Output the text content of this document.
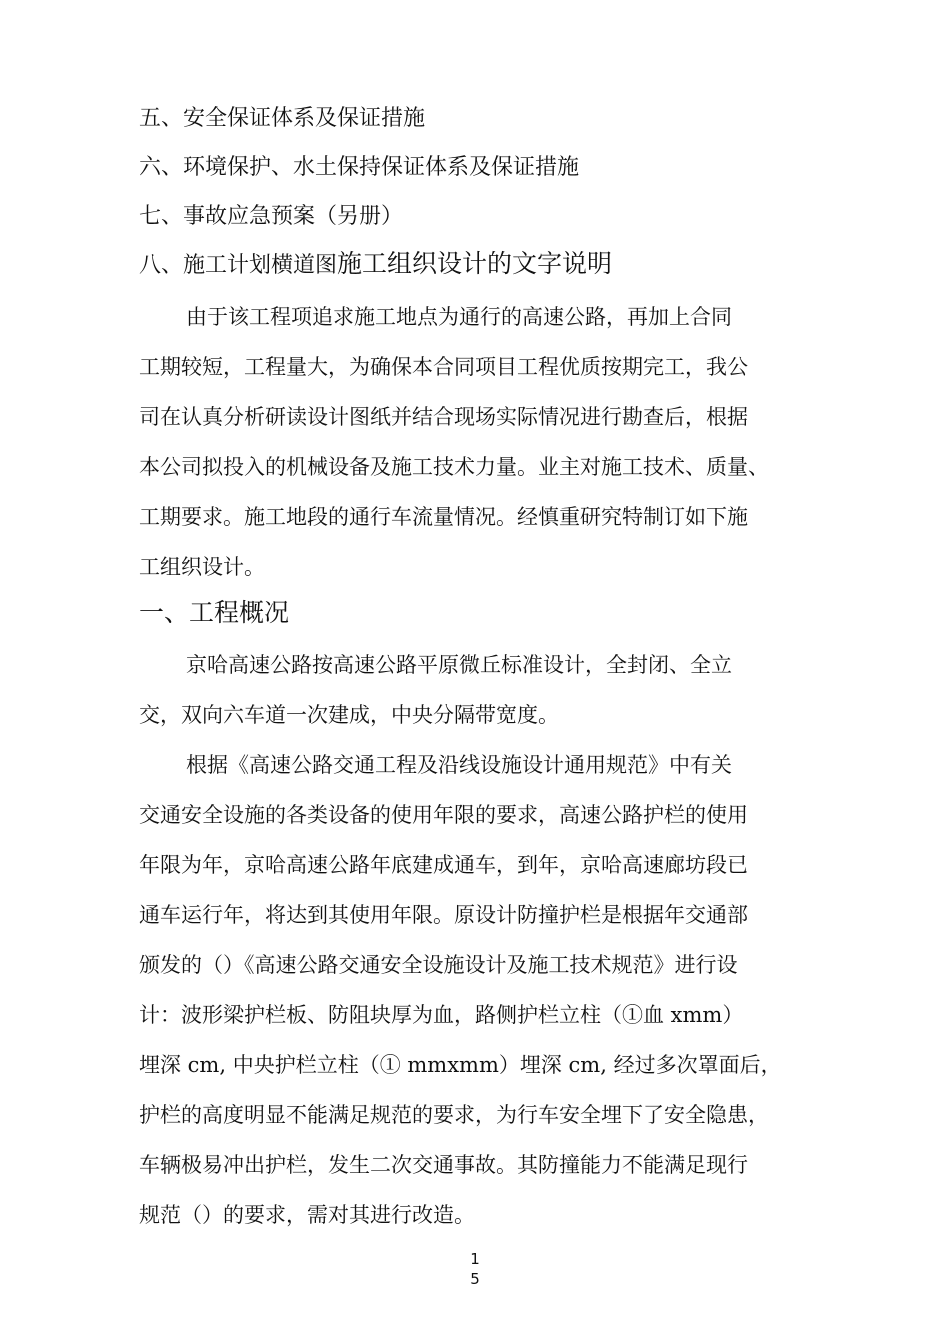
五、安全保证体系及保证措施
六、环境保护、水土保持保证体系及保证措施
七、事故应急预案（另册）
八、施工计划横道图施工组织设计的文字说明
由于该工程项追求施工地点为通行的高速公路，再加上合同
工期较短，工程量大，为确保本合同项目工程优质按期完工，我公
司在认真分析研读设计图纸并结合现场实际情况进行勘查后，根据
本公司拟投入的机械设备及施工技术力量。业主对施工技术、质量、
工期要求。施工地段的通行车流量情况。经慎重研究特制订如下施
工组织设计。
一、工程概况
京哈高速公路按高速公路平原微丘标准设计，全封闭、全立
交，双向六车道一次建成，中央分隔带宽度。
根据《高速公路交通工程及沿线设施设计通用规范》中有关
交通安全设施的各类设备的使用年限的要求，高速公路护栏的使用
年限为年，京哈高速公路年底建成通车，到年，京哈高速廊坊段已
通车运行年，将达到其使用年限。原设计防撞护栏是根据年交通部
颁发的（）《高速公路交通安全设施设计及施工技术规范》进行设
计：波形梁护栏板、防阻块厚为血，路侧护栏立柱（①血 xmm）
埋深 cm, 中央护栏立柱（① mmxmm）埋深 cm, 经过多次罩面后，
护栏的高度明显不能满足规范的要求，为行车安全埋下了安全隐患，
车辆极易冲出护栏，发生二次交通事故。其防撞能力不能满足现行
规范（）的要求，需对其进行改造。
1
5
